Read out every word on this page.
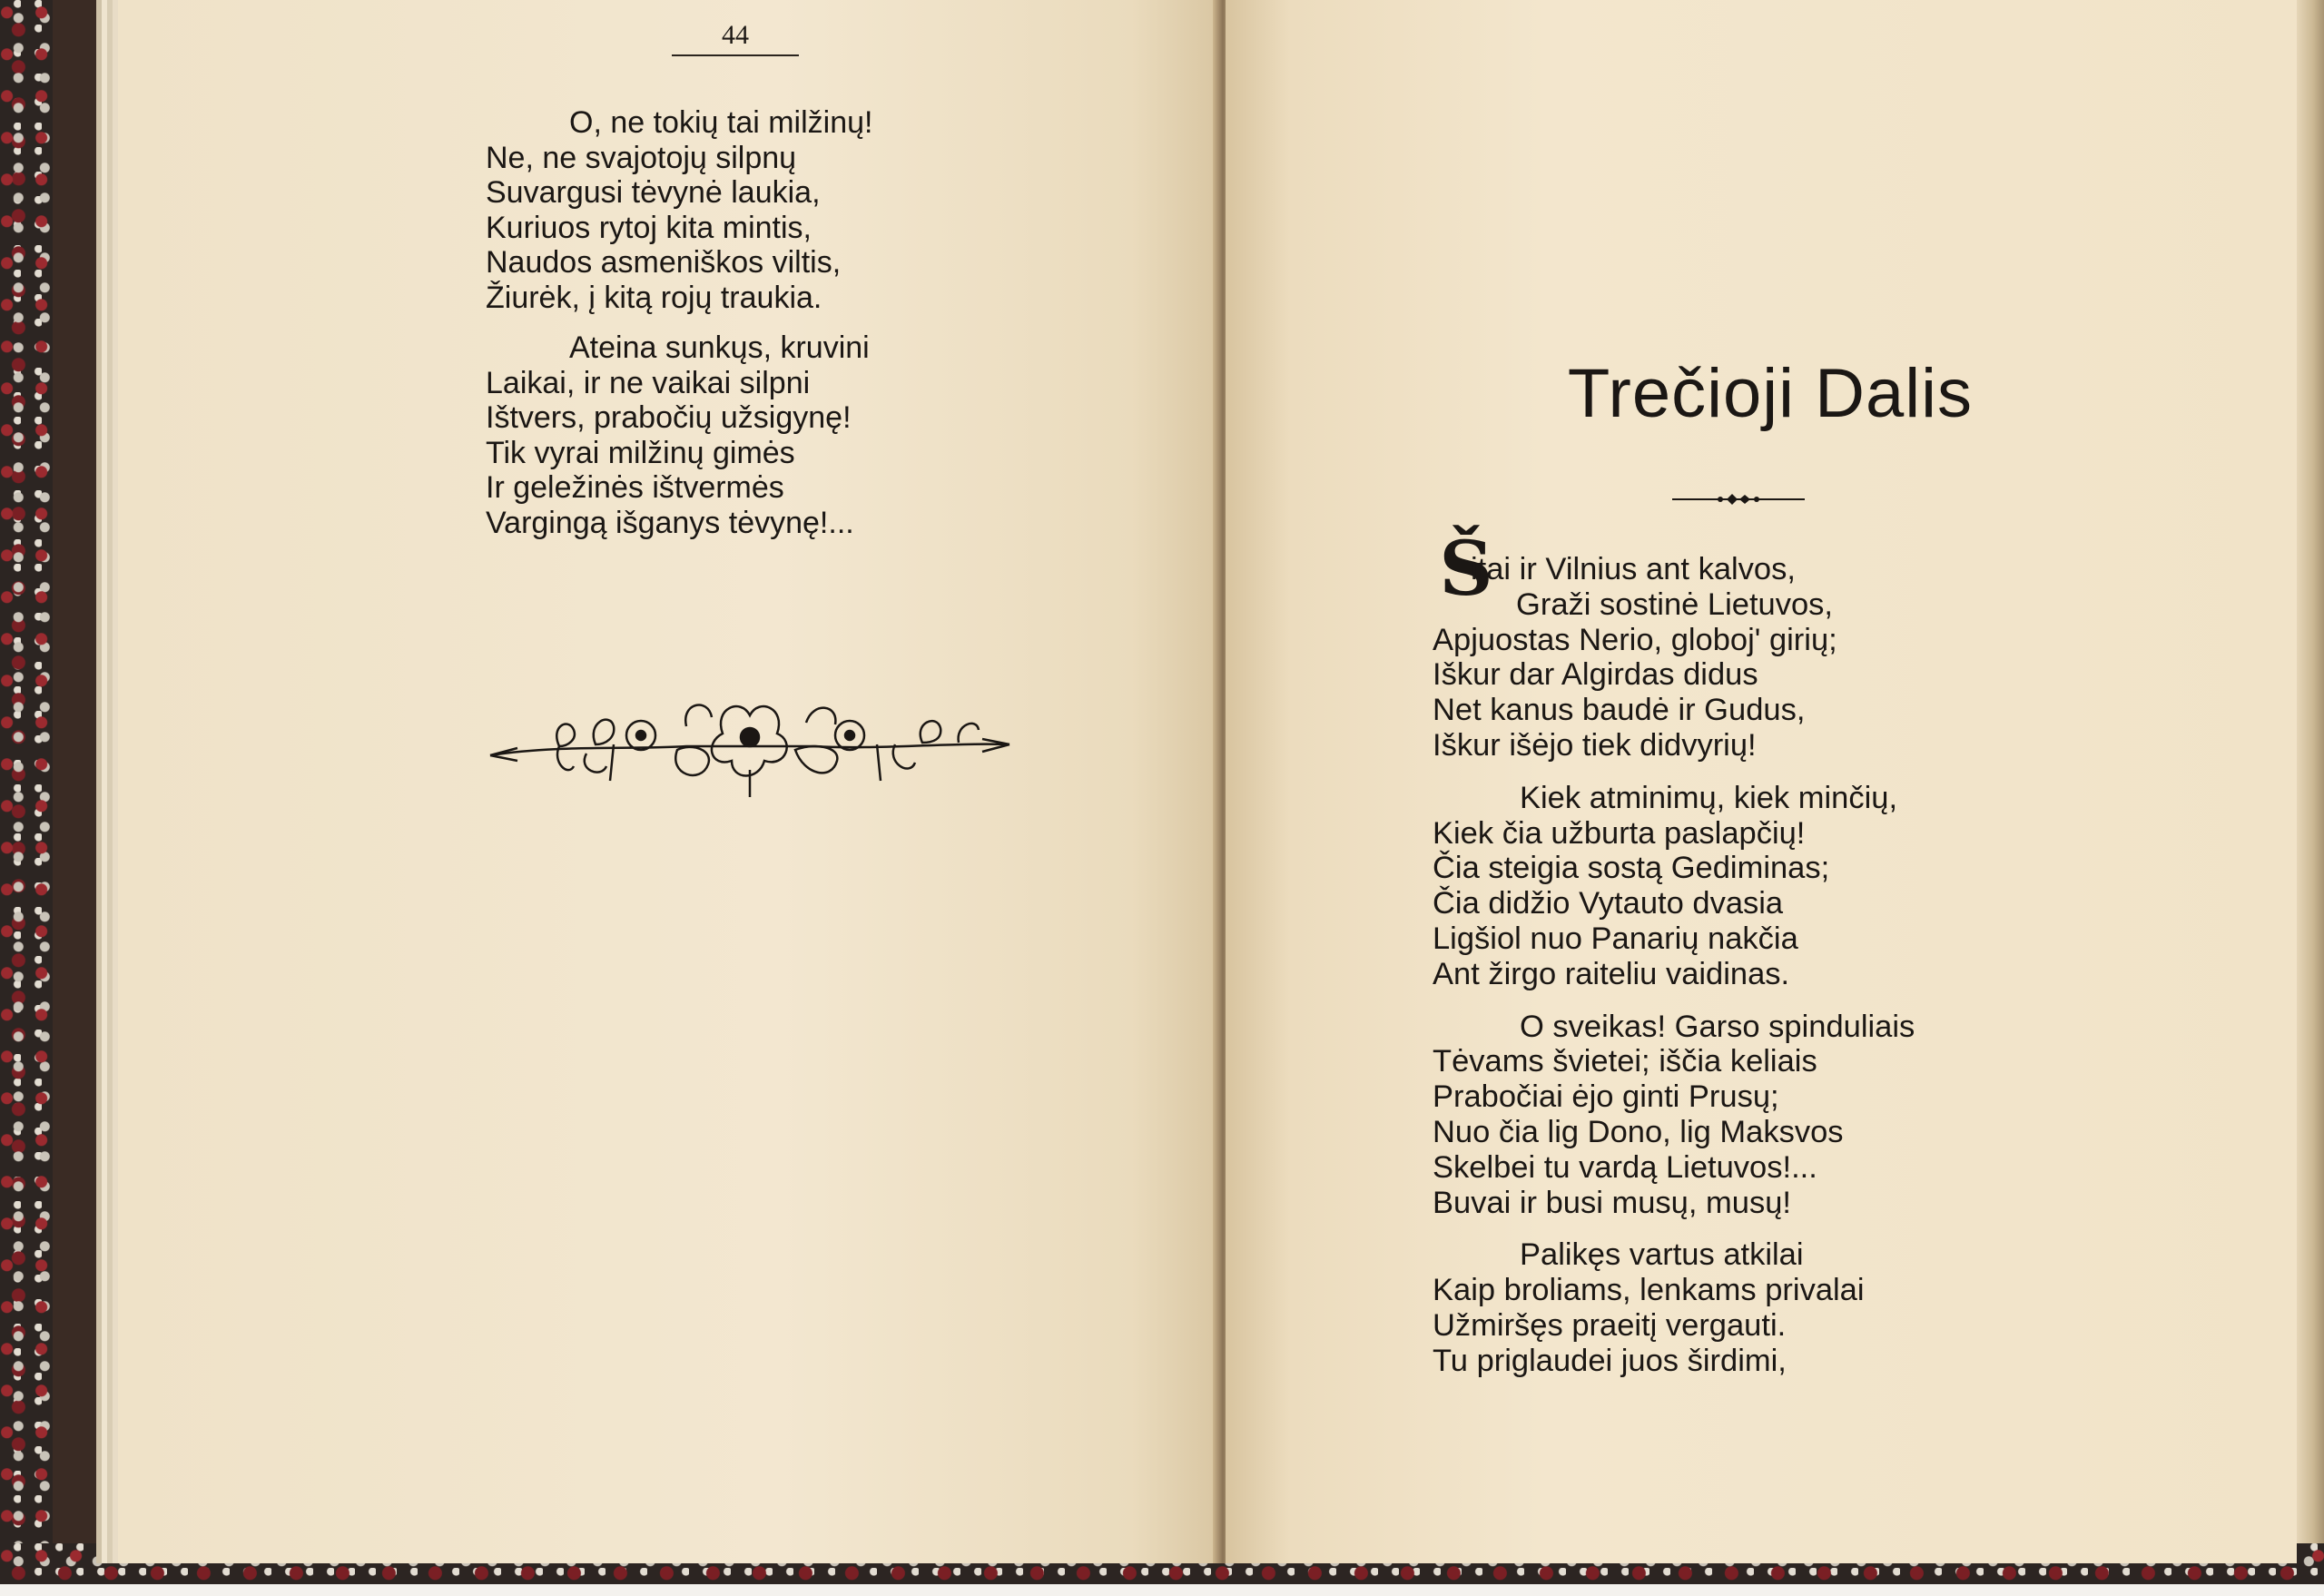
44
O, ne tokių tai milžinų!
Ne, ne svajotojų silpnų
Suvargusi tėvynė laukia,
Kuriuos rytoj kita mintis,
Naudos asmeniškos viltis,
Žiurėk, į kitą rojų traukia.
Ateina sunkųs, kruvini
Laikai, ir ne vaikai silpni
Ištvers, prabočių užsigynę!
Tik vyrai milžinų gimės
Ir geležinės ištvermės
Vargingą išganys tėvynę!...
Trečioji Dalis
Š
itai ir Vilnius ant kalvos,
Graži sostinė Lietuvos,
Apjuostas Nerio, globoj' girių;
Iškur dar Algirdas didus
Net kanus baudė ir Gudus,
Iškur išėjo tiek didvyrių!
Kiek atminimų, kiek minčių,
Kiek čia užburta paslapčių!
Čia steigia sostą Gediminas;
Čia didžio Vytauto dvasia
Ligšiol nuo Panarių nakčia
Ant žirgo raiteliu vaidinas.
O sveikas! Garso spinduliais
Tėvams švietei; iščia keliais
Prabočiai ėjo ginti Prusų;
Nuo čia lig Dono, lig Maksvos
Skelbei tu vardą Lietuvos!...
Buvai ir busi musų, musų!
Palikęs vartus atkilai
Kaip broliams, lenkams privalai
Užmiršęs praeitį vergauti.
Tu priglaudei juos širdimi,
